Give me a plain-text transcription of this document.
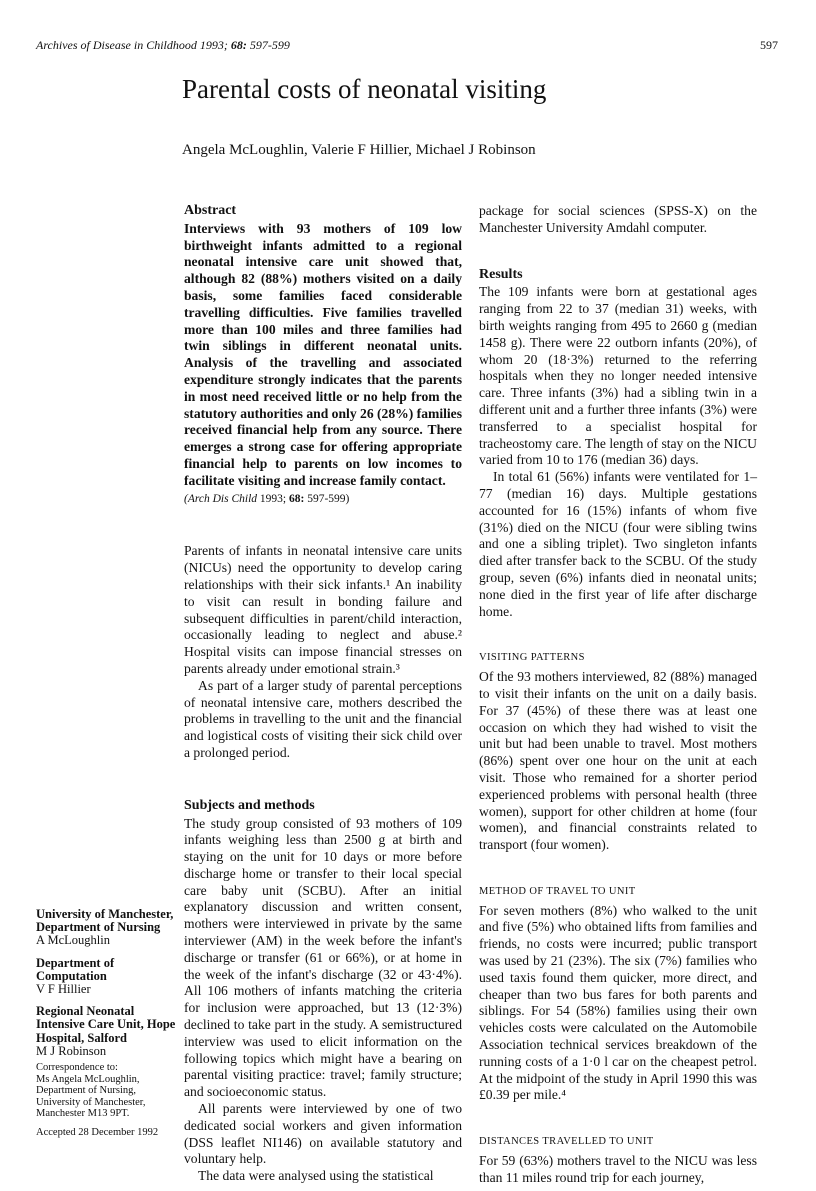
Archives of Disease in Childhood 1993; 68: 597-599	597
Parental costs of neonatal visiting
Angela McLoughlin, Valerie F Hillier, Michael J Robinson
Abstract

Interviews with 93 mothers of 109 low birthweight infants admitted to a regional neonatal intensive care unit showed that, although 82 (88%) mothers visited on a daily basis, some families faced considerable travelling difficulties. Five families travelled more than 100 miles and three families had twin siblings in different neonatal units. Analysis of the travelling and associated expenditure strongly indicates that the parents in most need received little or no help from the statutory authorities and only 26 (28%) families received financial help from any source. There emerges a strong case for offering appropriate financial help to parents on low incomes to facilitate visiting and increase family contact.

(Arch Dis Child 1993; 68: 597-599)

Parents of infants in neonatal intensive care units (NICUs) need the opportunity to develop caring relationships with their sick infants.¹ An inability to visit can result in bonding failure and subsequent difficulties in parent/child interaction, occasionally leading to neglect and abuse.² Hospital visits can impose financial stresses on parents already under emotional strain.³

As part of a larger study of parental perceptions of neonatal intensive care, mothers described the problems in travelling to the unit and the financial and logistical costs of visiting their sick child over a prolonged period.

Subjects and methods

The study group consisted of 93 mothers of 109 infants weighing less than 2500 g at birth and staying on the unit for 10 days or more before discharge home or transfer to their local special care baby unit (SCBU). After an initial explanatory discussion and written consent, mothers were interviewed in private by the same interviewer (AM) in the week before the infant's discharge or transfer (61 or 66%), or at home in the week of the infant's discharge (32 or 43·4%). All 106 mothers of infants matching the criteria for inclusion were approached, but 13 (12·3%) declined to take part in the study. A semistructured interview was used to elicit information on the following topics which might have a bearing on parental visiting practice: travel; family structure; and socioeconomic status.

All parents were interviewed by one of two dedicated social workers and given information (DSS leaflet NI146) on available statutory and voluntary help.

The data were analysed using the statistical

package for social sciences (SPSS-X) on the Manchester University Amdahl computer.

Results

The 109 infants were born at gestational ages ranging from 22 to 37 (median 31) weeks, with birth weights ranging from 495 to 2660 g (median 1458 g). There were 22 outborn infants (20%), of whom 20 (18·3%) returned to the referring hospitals when they no longer needed intensive care. Three infants (3%) had a sibling twin in a different unit and a further three infants (3%) were transferred to a specialist hospital for tracheostomy care. The length of stay on the NICU varied from 10 to 176 (median 36) days.

In total 61 (56%) infants were ventilated for 1–77 (median 16) days. Multiple gestations accounted for 16 (15%) infants of whom five (31%) died on the NICU (four were sibling twins and one a sibling triplet). Two singleton infants died after transfer back to the SCBU. Of the study group, seven (6%) infants died in neonatal units; none died in the first year of life after discharge home.

VISITING PATTERNS

Of the 93 mothers interviewed, 82 (88%) managed to visit their infants on the unit on a daily basis. For 37 (45%) of these there was at least one occasion on which they had wished to visit the unit but had been unable to travel. Most mothers (86%) spent over one hour on the unit at each visit. Those who remained for a shorter period experienced problems with personal health (three women), support for other children at home (four women), and financial constraints related to transport (four women).

METHOD OF TRAVEL TO UNIT

For seven mothers (8%) who walked to the unit and five (5%) who obtained lifts from families and friends, no costs were incurred; public transport was used by 21 (23%). The six (7%) families who used taxis found them quicker, more direct, and cheaper than two bus fares for both parents and siblings. For 54 (58%) families using their own vehicles costs were calculated on the Automobile Association technical services breakdown of the running costs of a 1·0 l car on the cheapest petrol. At the midpoint of the study in April 1990 this was £0.39 per mile.⁴

DISTANCES TRAVELLED TO UNIT

For 59 (63%) mothers travel to the NICU was less than 11 miles round trip for each journey,

University of Manchester, Department of Nursing
A McLoughlin
Department of Computation
V F Hillier
Regional Neonatal Intensive Care Unit, Hope Hospital, Salford
M J Robinson
Correspondence to:
Ms Angela McLoughlin,
Department of Nursing,
University of Manchester,
Manchester M13 9PT.
Accepted 28 December 1992
